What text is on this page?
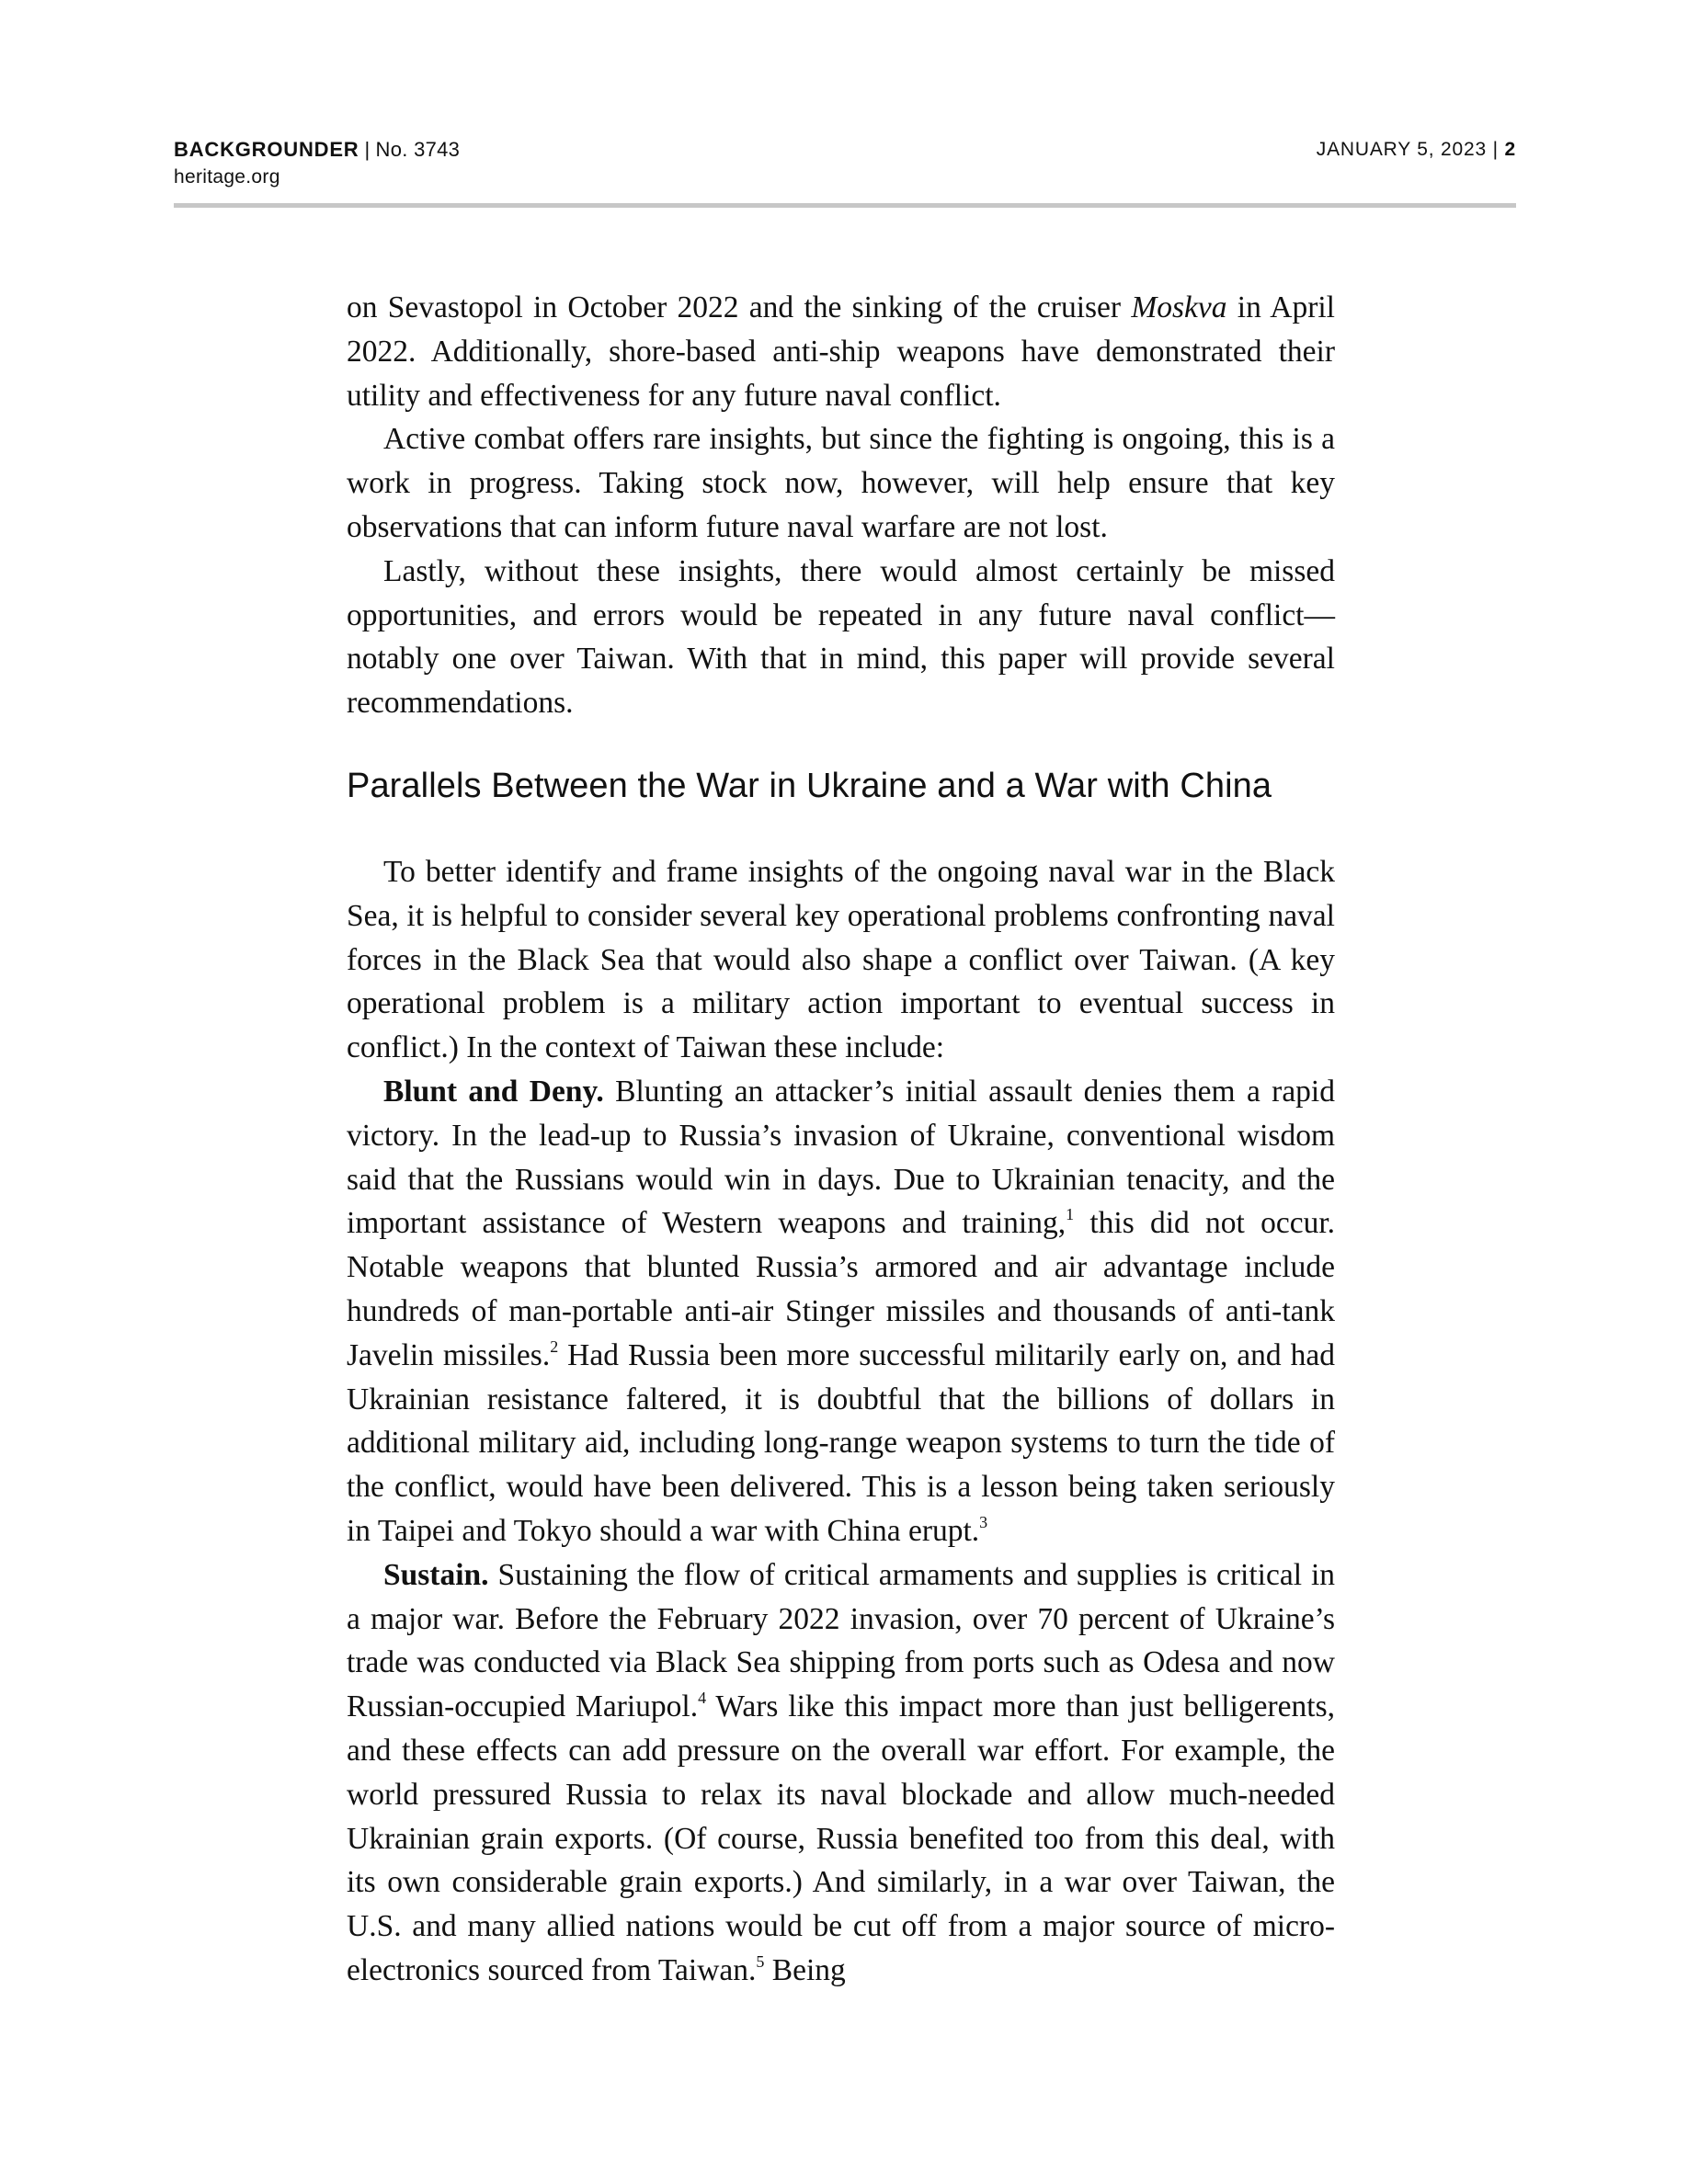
BACKGROUNDER | No. 3743
heritage.org
JANUARY 5, 2023 | 2

on Sevastopol in October 2022 and the sinking of the cruiser Moskva in April 2022. Additionally, shore-based anti-ship weapons have demonstrated their utility and effectiveness for any future naval conflict.

Active combat offers rare insights, but since the fighting is ongoing, this is a work in progress. Taking stock now, however, will help ensure that key observations that can inform future naval warfare are not lost.

Lastly, without these insights, there would almost certainly be missed opportunities, and errors would be repeated in any future naval conflict—notably one over Taiwan. With that in mind, this paper will provide several recommendations.

Parallels Between the War in Ukraine and a War with China

To better identify and frame insights of the ongoing naval war in the Black Sea, it is helpful to consider several key operational problems confronting naval forces in the Black Sea that would also shape a conflict over Taiwan. (A key operational problem is a military action important to eventual success in conflict.) In the context of Taiwan these include:

Blunt and Deny. Blunting an attacker’s initial assault denies them a rapid victory. In the lead-up to Russia’s invasion of Ukraine, conventional wisdom said that the Russians would win in days. Due to Ukrainian tenacity, and the important assistance of Western weapons and training,$^1$ this did not occur. Notable weapons that blunted Russia’s armored and air advantage include hundreds of man-portable anti-air Stinger missiles and thousands of anti-tank Javelin missiles.$^2$ Had Russia been more successful militarily early on, and had Ukrainian resistance faltered, it is doubtful that the billions of dollars in additional military aid, including long-range weapon systems to turn the tide of the conflict, would have been delivered. This is a lesson being taken seriously in Taipei and Tokyo should a war with China erupt.$^3$

Sustain. Sustaining the flow of critical armaments and supplies is critical in a major war. Before the February 2022 invasion, over 70 percent of Ukraine’s trade was conducted via Black Sea shipping from ports such as Odesa and now Russian-occupied Mariupol.$^4$ Wars like this impact more than just belligerents, and these effects can add pressure on the overall war effort. For example, the world pressured Russia to relax its naval blockade and allow much-needed Ukrainian grain exports. (Of course, Russia benefited too from this deal, with its own considerable grain exports.) And similarly, in a war over Taiwan, the U.S. and many allied nations would be cut off from a major source of micro-electronics sourced from Taiwan.$^5$ Being
